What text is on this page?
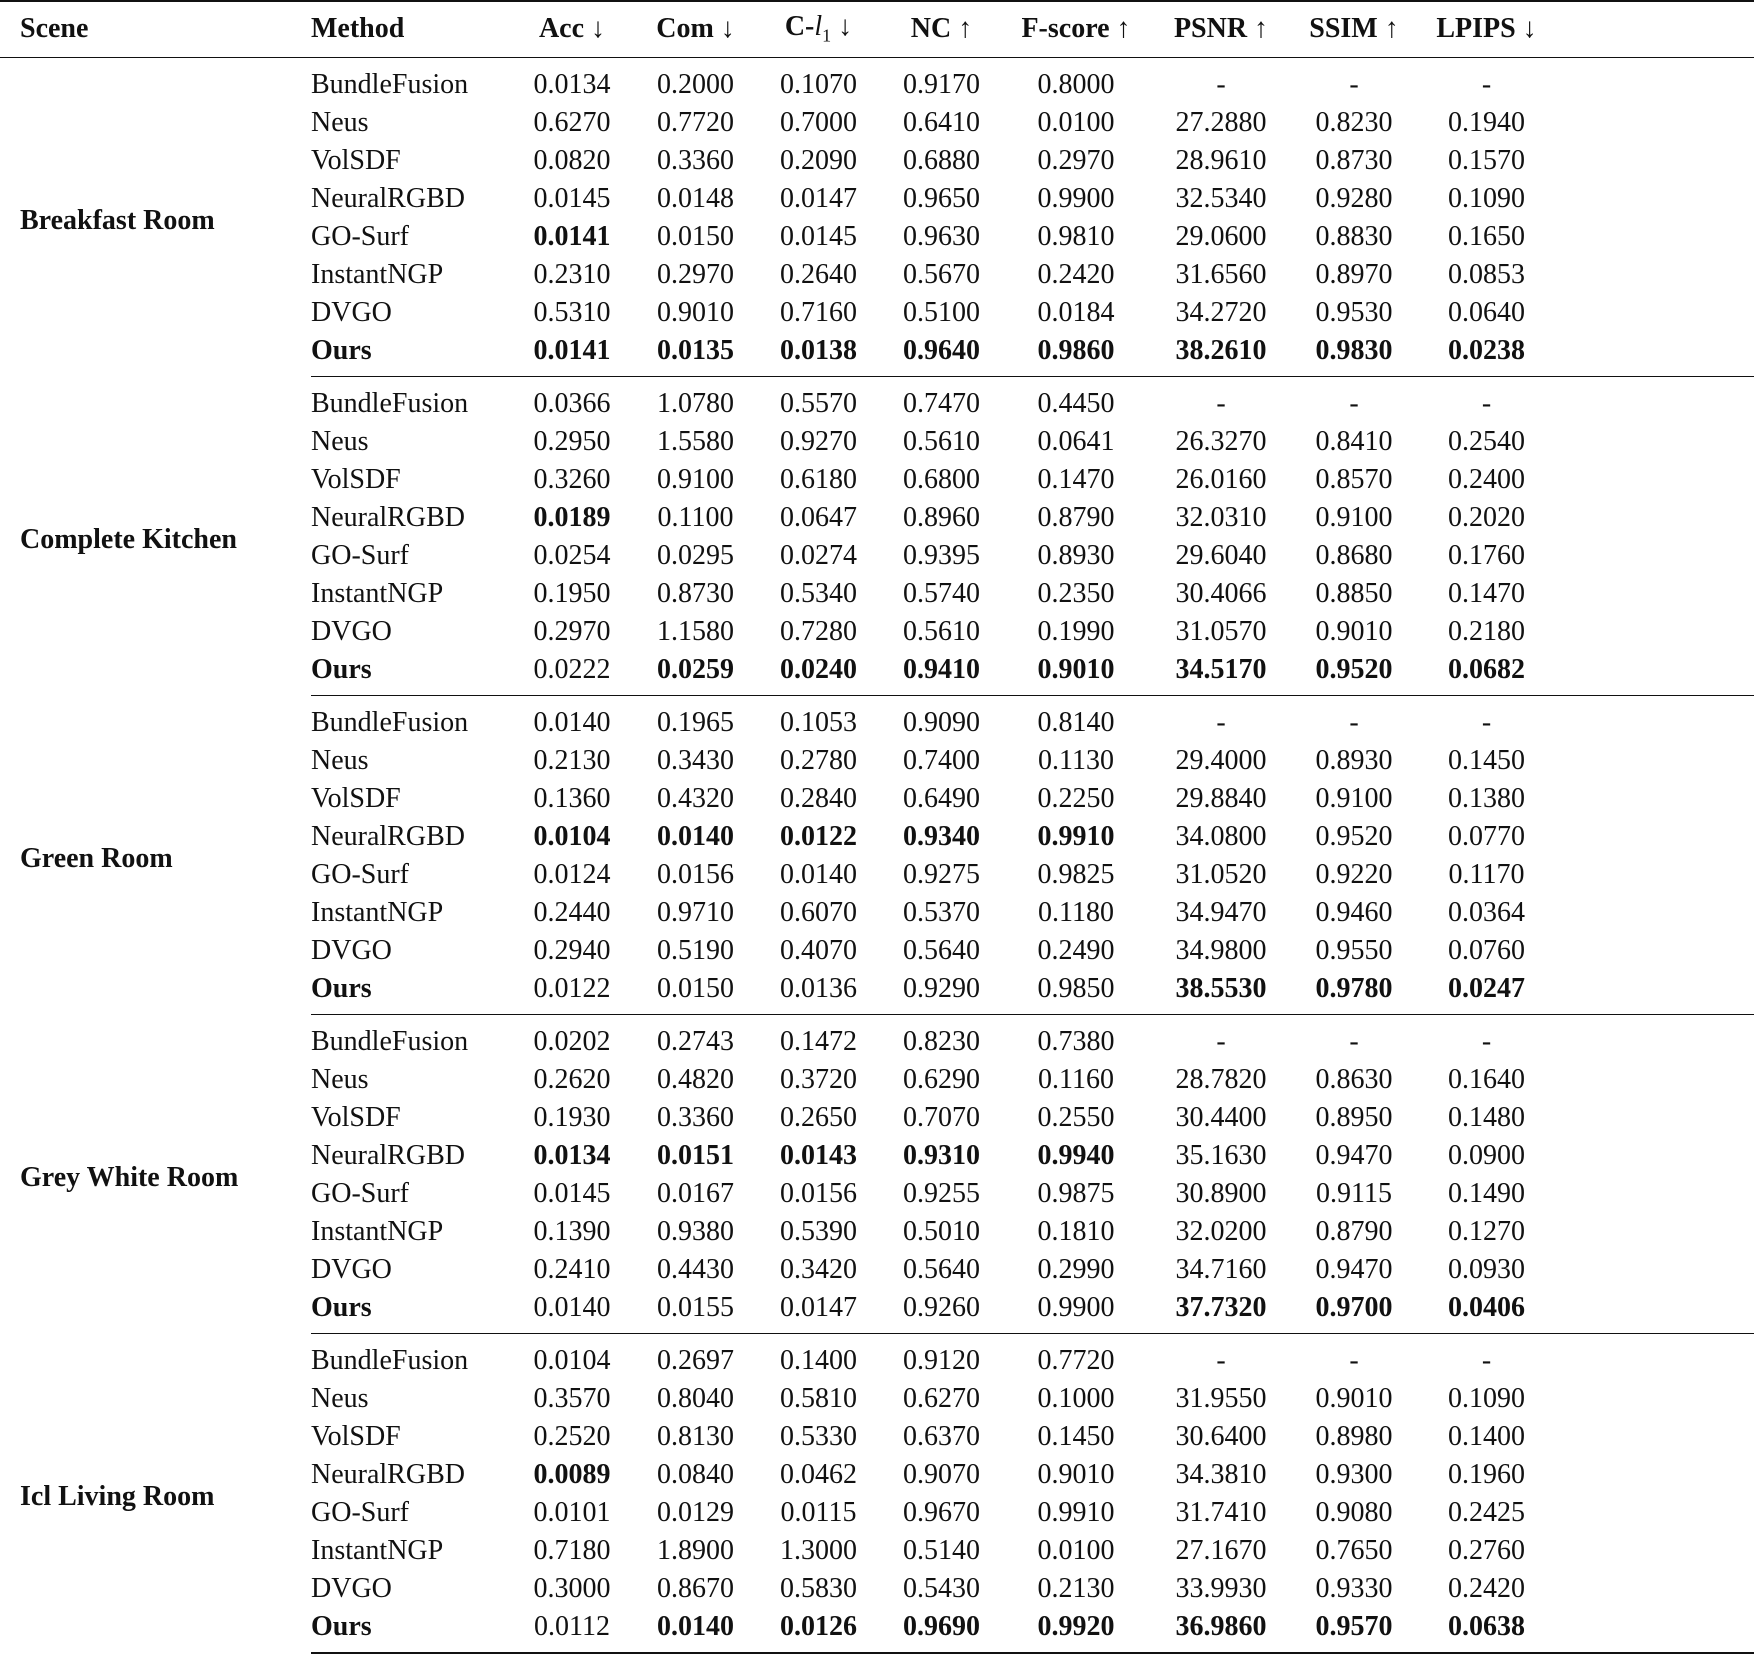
Scene	Method	Acc ↓	Com ↓	$C-l_1$ ↓	NC ↑	F-score ↑	PSNR ↑	SSIM ↑	LPIPS ↓	
Breakfast Room	BundleFusion	0.0134	0.2000	0.1070	0.9170	0.8000	-	-	-	
	Neus	0.6270	0.7720	0.7000	0.6410	0.0100	27.2880	0.8230	0.1940	
	VolSDF	0.0820	0.3360	0.2090	0.6880	0.2970	28.9610	0.8730	0.1570	
	NeuralRGBD	0.0145	0.0148	0.0147	0.9650	0.9900	32.5340	0.9280	0.1090	
	GO-Surf	0.0141	0.0150	0.0145	0.9630	0.9810	29.0600	0.8830	0.1650	
	InstantNGP	0.2310	0.2970	0.2640	0.5670	0.2420	31.6560	0.8970	0.0853	
	DVGO	0.5310	0.9010	0.7160	0.5100	0.0184	34.2720	0.9530	0.0640	
	Ours	0.0141	0.0135	0.0138	0.9640	0.9860	38.2610	0.9830	0.0238	
Complete Kitchen	BundleFusion	0.0366	1.0780	0.5570	0.7470	0.4450	-	-	-	
	Neus	0.2950	1.5580	0.9270	0.5610	0.0641	26.3270	0.8410	0.2540	
	VolSDF	0.3260	0.9100	0.6180	0.6800	0.1470	26.0160	0.8570	0.2400	
	NeuralRGBD	0.0189	0.1100	0.0647	0.8960	0.8790	32.0310	0.9100	0.2020	
	GO-Surf	0.0254	0.0295	0.0274	0.9395	0.8930	29.6040	0.8680	0.1760	
	InstantNGP	0.1950	0.8730	0.5340	0.5740	0.2350	30.4066	0.8850	0.1470	
	DVGO	0.2970	1.1580	0.7280	0.5610	0.1990	31.0570	0.9010	0.2180	
	Ours	0.0222	0.0259	0.0240	0.9410	0.9010	34.5170	0.9520	0.0682	
Green Room	BundleFusion	0.0140	0.1965	0.1053	0.9090	0.8140	-	-	-	
	Neus	0.2130	0.3430	0.2780	0.7400	0.1130	29.4000	0.8930	0.1450	
	VolSDF	0.1360	0.4320	0.2840	0.6490	0.2250	29.8840	0.9100	0.1380	
	NeuralRGBD	0.0104	0.0140	0.0122	0.9340	0.9910	34.0800	0.9520	0.0770	
	GO-Surf	0.0124	0.0156	0.0140	0.9275	0.9825	31.0520	0.9220	0.1170	
	InstantNGP	0.2440	0.9710	0.6070	0.5370	0.1180	34.9470	0.9460	0.0364	
	DVGO	0.2940	0.5190	0.4070	0.5640	0.2490	34.9800	0.9550	0.0760	
	Ours	0.0122	0.0150	0.0136	0.9290	0.9850	38.5530	0.9780	0.0247	
Grey White Room	BundleFusion	0.0202	0.2743	0.1472	0.8230	0.7380	-	-	-	
	Neus	0.2620	0.4820	0.3720	0.6290	0.1160	28.7820	0.8630	0.1640	
	VolSDF	0.1930	0.3360	0.2650	0.7070	0.2550	30.4400	0.8950	0.1480	
	NeuralRGBD	0.0134	0.0151	0.0143	0.9310	0.9940	35.1630	0.9470	0.0900	
	GO-Surf	0.0145	0.0167	0.0156	0.9255	0.9875	30.8900	0.9115	0.1490	
	InstantNGP	0.1390	0.9380	0.5390	0.5010	0.1810	32.0200	0.8790	0.1270	
	DVGO	0.2410	0.4430	0.3420	0.5640	0.2990	34.7160	0.9470	0.0930	
	Ours	0.0140	0.0155	0.0147	0.9260	0.9900	37.7320	0.9700	0.0406	
Icl Living Room	BundleFusion	0.0104	0.2697	0.1400	0.9120	0.7720	-	-	-	
	Neus	0.3570	0.8040	0.5810	0.6270	0.1000	31.9550	0.9010	0.1090	
	VolSDF	0.2520	0.8130	0.5330	0.6370	0.1450	30.6400	0.8980	0.1400	
	NeuralRGBD	0.0089	0.0840	0.0462	0.9070	0.9010	34.3810	0.9300	0.1960	
	GO-Surf	0.0101	0.0129	0.0115	0.9670	0.9910	31.7410	0.9080	0.2425	
	InstantNGP	0.7180	1.8900	1.3000	0.5140	0.0100	27.1670	0.7650	0.2760	
	DVGO	0.3000	0.8670	0.5830	0.5430	0.2130	33.9930	0.9330	0.2420	
	Ours	0.0112	0.0140	0.0126	0.9690	0.9920	36.9860	0.9570	0.0638	
